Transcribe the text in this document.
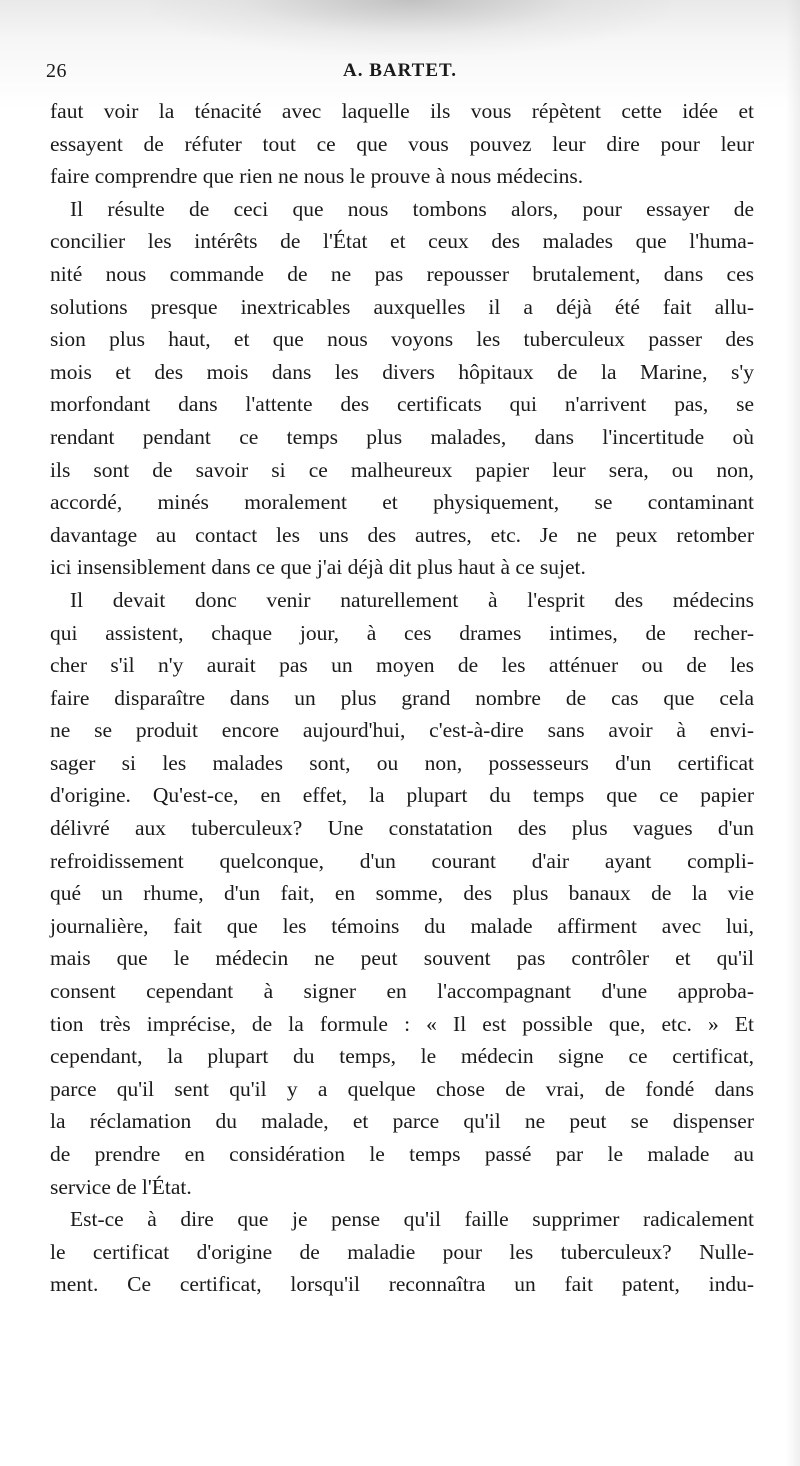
26	A. BARTET.
faut voir la ténacité avec laquelle ils vous répètent cette idée et
essayent de réfuter tout ce que vous pouvez leur dire pour leur
faire comprendre que rien ne nous le prouve à nous médecins.
Il résulte de ceci que nous tombons alors, pour essayer de
concilier les intérêts de l'État et ceux des malades que l'huma-
nité nous commande de ne pas repousser brutalement, dans ces
solutions presque inextricables auxquelles il a déjà été fait allu-
sion plus haut, et que nous voyons les tuberculeux passer des
mois et des mois dans les divers hôpitaux de la Marine, s'y
morfondant dans l'attente des certificats qui n'arrivent pas, se
rendant pendant ce temps plus malades, dans l'incertitude où
ils sont de savoir si ce malheureux papier leur sera, ou non,
accordé, minés moralement et physiquement, se contaminant
davantage au contact les uns des autres, etc. Je ne peux retomber
ici insensiblement dans ce que j'ai déjà dit plus haut à ce sujet.
Il devait donc venir naturellement à l'esprit des médecins
qui assistent, chaque jour, à ces drames intimes, de recher-
cher s'il n'y aurait pas un moyen de les atténuer ou de les
faire disparaître dans un plus grand nombre de cas que cela
ne se produit encore aujourd'hui, c'est-à-dire sans avoir à envi-
sager si les malades sont, ou non, possesseurs d'un certificat
d'origine. Qu'est-ce, en effet, la plupart du temps que ce papier
délivré aux tuberculeux? Une constatation des plus vagues d'un
refroidissement quelconque, d'un courant d'air ayant compli-
qué un rhume, d'un fait, en somme, des plus banaux de la vie
journalière, fait que les témoins du malade affirment avec lui,
mais que le médecin ne peut souvent pas contrôler et qu'il
consent cependant à signer en l'accompagnant d'une approba-
tion très imprécise, de la formule : « Il est possible que, etc. » Et
cependant, la plupart du temps, le médecin signe ce certificat,
parce qu'il sent qu'il y a quelque chose de vrai, de fondé dans
la réclamation du malade, et parce qu'il ne peut se dispenser
de prendre en considération le temps passé par le malade au
service de l'État.
Est-ce à dire que je pense qu'il faille supprimer radicalement
le certificat d'origine de maladie pour les tuberculeux? Nulle-
ment. Ce certificat, lorsqu'il reconnaîtra un fait patent, indu-
